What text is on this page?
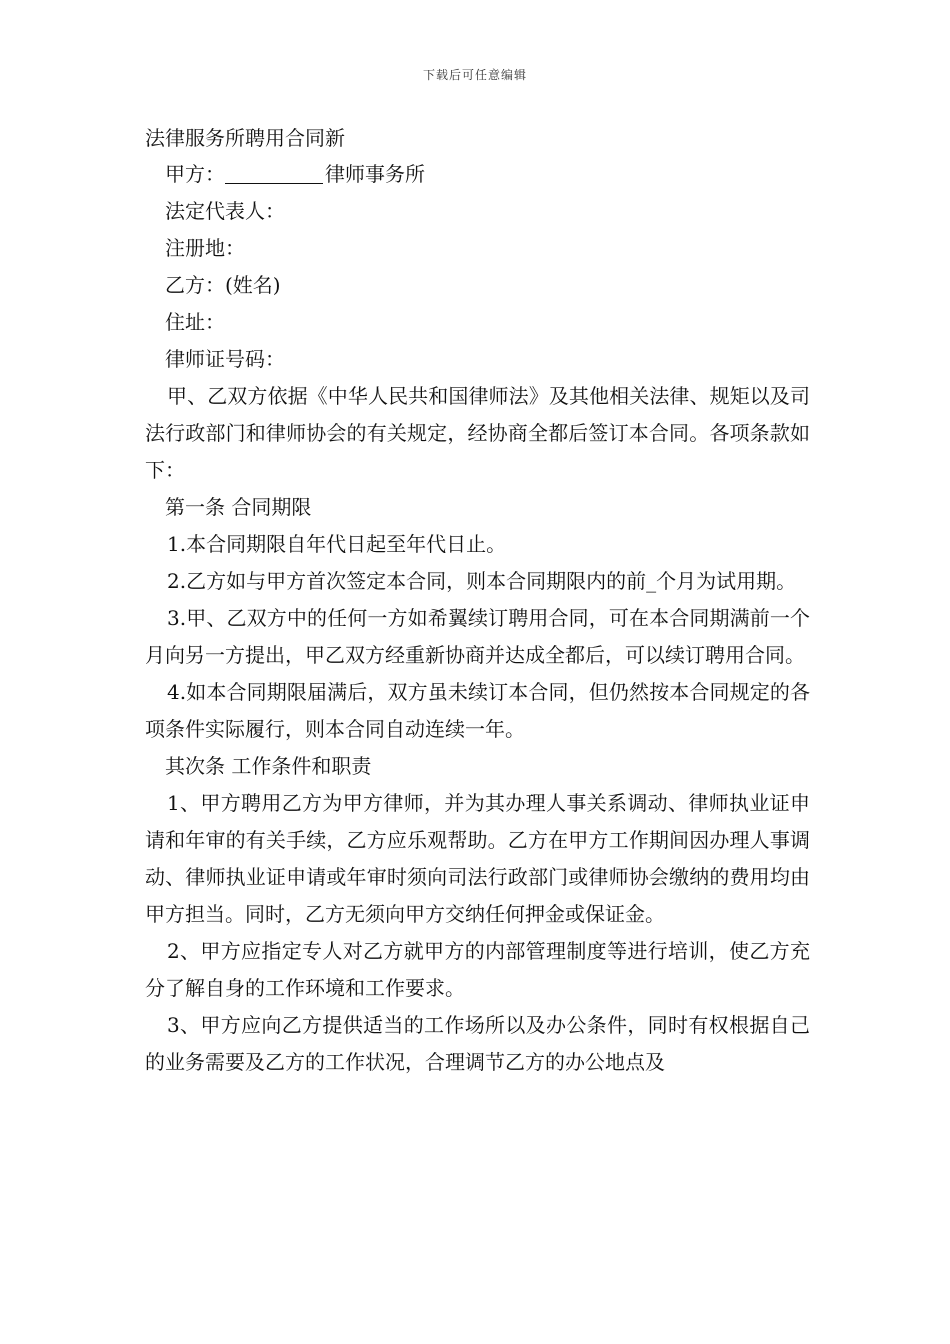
下载后可任意编辑

法律服务所聘用合同新

甲方：	律师事务所

法定代表人：

注册地：

乙方：(姓名)

住址：

律师证号码：

甲、乙双方依据《中华人民共和国律师法》及其他相关法律、规矩以及司法行政部门和律师协会的有关规定，经协商全都后签订本合同。各项条款如下：

第一条 合同期限

1.本合同期限自年代日起至年代日止。

2.乙方如与甲方首次签定本合同，则本合同期限内的前_个月为试用期。

3.甲、乙双方中的任何一方如希翼续订聘用合同，可在本合同期满前一个月向另一方提出，甲乙双方经重新协商并达成全都后，可以续订聘用合同。

4.如本合同期限届满后，双方虽未续订本合同，但仍然按本合同规定的各项条件实际履行，则本合同自动连续一年。

其次条 工作条件和职责

1、甲方聘用乙方为甲方律师，并为其办理人事关系调动、律师执业证申请和年审的有关手续，乙方应乐观帮助。乙方在甲方工作期间因办理人事调动、律师执业证申请或年审时须向司法行政部门或律师协会缴纳的费用均由甲方担当。同时，乙方无须向甲方交纳任何押金或保证金。

2、甲方应指定专人对乙方就甲方的内部管理制度等进行培训，使乙方充分了解自身的工作环境和工作要求。

3、甲方应向乙方提供适当的工作场所以及办公条件，同时有权根据自己的业务需要及乙方的工作状况，合理调节乙方的办公地点及
